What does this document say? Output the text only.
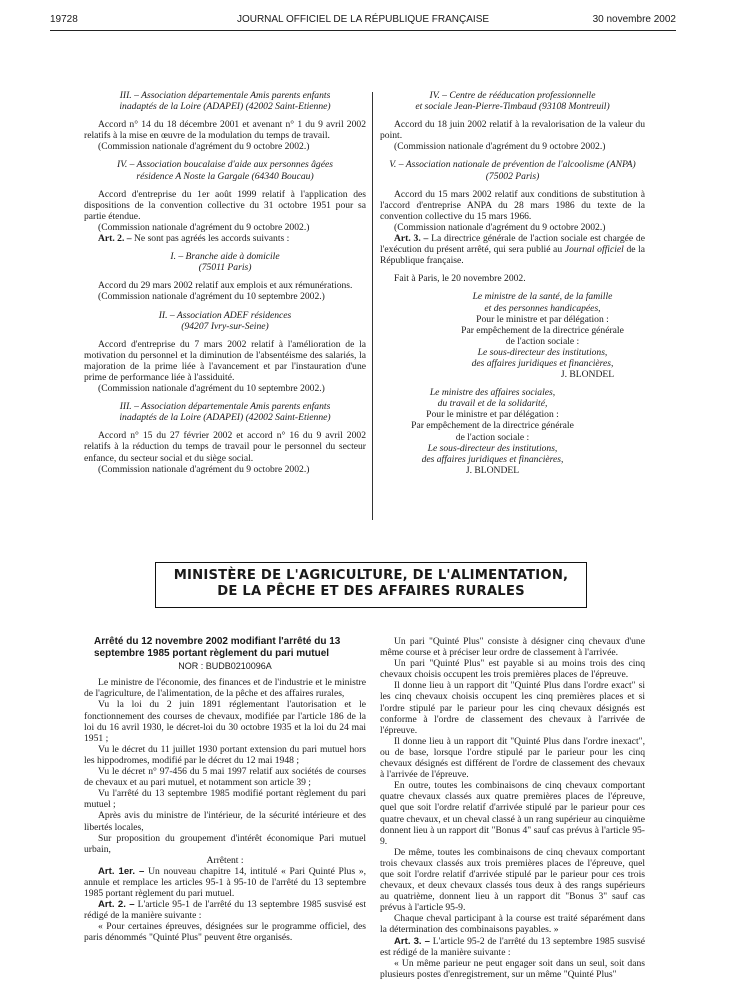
19728	JOURNAL OFFICIEL DE LA RÉPUBLIQUE FRANÇAISE	30 novembre 2002

III. – Association départementale Amis parents enfants

inadaptés de la Loire (ADAPEI) (42002 Saint-Etienne)

Accord n° 14 du 18 décembre 2001 et avenant n° 1 du 9 avril 2002 relatifs à la mise en œuvre de la modulation du temps de travail.

(Commission nationale d'agrément du 9 octobre 2002.)

IV. – Association boucalaise d'aide aux personnes âgées

résidence A Noste la Gargale (64340 Boucau)

Accord d'entreprise du 1er août 1999 relatif à l'application des dispositions de la convention collective du 31 octobre 1951 pour sa partie étendue.

(Commission nationale d'agrément du 9 octobre 2002.)

Art. 2. – Ne sont pas agréés les accords suivants :

I. – Branche aide à domicile

(75011 Paris)

Accord du 29 mars 2002 relatif aux emplois et aux rémunérations.

(Commission nationale d'agrément du 10 septembre 2002.)

II. – Association ADEF résidences

(94207 Ivry-sur-Seine)

Accord d'entreprise du 7 mars 2002 relatif à l'amélioration de la motivation du personnel et la diminution de l'absentéisme des salariés, la majoration de la prime liée à l'avancement et par l'instauration d'une prime de performance liée à l'assiduité.

(Commission nationale d'agrément du 10 septembre 2002.)

III. – Association départementale Amis parents enfants

inadaptés de la Loire (ADAPEI) (42002 Saint-Etienne)

Accord n° 15 du 27 février 2002 et accord n° 16 du 9 avril 2002 relatifs à la réduction du temps de travail pour le personnel du secteur enfance, du secteur social et du siège social.

(Commission nationale d'agrément du 9 octobre 2002.)

IV. – Centre de rééducation professionnelle

et sociale Jean-Pierre-Timbaud (93108 Montreuil)

Accord du 18 juin 2002 relatif à la revalorisation de la valeur du point.

(Commission nationale d'agrément du 9 octobre 2002.)

V. – Association nationale de prévention de l'alcoolisme (ANPA)

(75002 Paris)

Accord du 15 mars 2002 relatif aux conditions de substitution à l'accord d'entreprise ANPA du 28 mars 1986 du texte de la convention collective du 15 mars 1966.

(Commission nationale d'agrément du 9 octobre 2002.)

Art. 3. – La directrice générale de l'action sociale est chargée de l'exécution du présent arrêté, qui sera publié au Journal officiel de la République française.

Fait à Paris, le 20 novembre 2002.

Le ministre de la santé, de la famille

et des personnes handicapées,

Pour le ministre et par délégation :

Par empêchement de la directrice générale

de l'action sociale :

Le sous-directeur des institutions,

des affaires juridiques et financières,

J. BLONDEL

Le ministre des affaires sociales,

du travail et de la solidarité,

Pour le ministre et par délégation :

Par empêchement de la directrice générale

de l'action sociale :

Le sous-directeur des institutions,

des affaires juridiques et financières,

J. BLONDEL

MINISTÈRE DE L'AGRICULTURE, DE L'ALIMENTATION,
DE LA PÊCHE ET DES AFFAIRES RURALES
Arrêté du 12 novembre 2002 modifiant l'arrêté du 13 septembre 1985 portant règlement du pari mutuel
NOR : BUDB0210096A

Le ministre de l'économie, des finances et de l'industrie et le ministre de l'agriculture, de l'alimentation, de la pêche et des affaires rurales,

Vu la loi du 2 juin 1891 réglementant l'autorisation et le fonctionnement des courses de chevaux, modifiée par l'article 186 de la loi du 16 avril 1930, le décret-loi du 30 octobre 1935 et la loi du 24 mai 1951 ;

Vu le décret du 11 juillet 1930 portant extension du pari mutuel hors les hippodromes, modifié par le décret du 12 mai 1948 ;

Vu le décret n° 97-456 du 5 mai 1997 relatif aux sociétés de courses de chevaux et au pari mutuel, et notamment son article 39 ;

Vu l'arrêté du 13 septembre 1985 modifié portant règlement du pari mutuel ;

Après avis du ministre de l'intérieur, de la sécurité intérieure et des libertés locales,

Sur proposition du groupement d'intérêt économique Pari mutuel urbain,

Arrêtent :

Art. 1er. – Un nouveau chapitre 14, intitulé « Pari Quinté Plus », annule et remplace les articles 95-1 à 95-10 de l'arrêté du 13 septembre 1985 portant règlement du pari mutuel.

Art. 2. – L'article 95-1 de l'arrêté du 13 septembre 1985 susvisé est rédigé de la manière suivante :

« Pour certaines épreuves, désignées sur le programme officiel, des paris dénommés "Quinté Plus" peuvent être organisés.

Un pari "Quinté Plus" consiste à désigner cinq chevaux d'une même course et à préciser leur ordre de classement à l'arrivée.

Un pari "Quinté Plus" est payable si au moins trois des cinq chevaux choisis occupent les trois premières places de l'épreuve.

Il donne lieu à un rapport dit "Quinté Plus dans l'ordre exact" si les cinq chevaux choisis occupent les cinq premières places et si l'ordre stipulé par le parieur pour les cinq chevaux désignés est conforme à l'ordre de classement des chevaux à l'arrivée de l'épreuve.

Il donne lieu à un rapport dit "Quinté Plus dans l'ordre inexact", ou de base, lorsque l'ordre stipulé par le parieur pour les cinq chevaux désignés est différent de l'ordre de classement des chevaux à l'arrivée de l'épreuve.

En outre, toutes les combinaisons de cinq chevaux comportant quatre chevaux classés aux quatre premières places de l'épreuve, quel que soit l'ordre relatif d'arrivée stipulé par le parieur pour ces quatre chevaux, et un cheval classé à un rang supérieur au cinquième donnent lieu à un rapport dit "Bonus 4" sauf cas prévus à l'article 95-9.

De même, toutes les combinaisons de cinq chevaux comportant trois chevaux classés aux trois premières places de l'épreuve, quel que soit l'ordre relatif d'arrivée stipulé par le parieur pour ces trois chevaux, et deux chevaux classés tous deux à des rangs supérieurs au quatrième, donnent lieu à un rapport dit "Bonus 3" sauf cas prévus à l'article 95-9.

Chaque cheval participant à la course est traité séparément dans la détermination des combinaisons payables. »

Art. 3. – L'article 95-2 de l'arrêté du 13 septembre 1985 susvisé est rédigé de la manière suivante :

« Un même parieur ne peut engager soit dans un seul, soit dans plusieurs postes d'enregistrement, sur un même "Quinté Plus"
